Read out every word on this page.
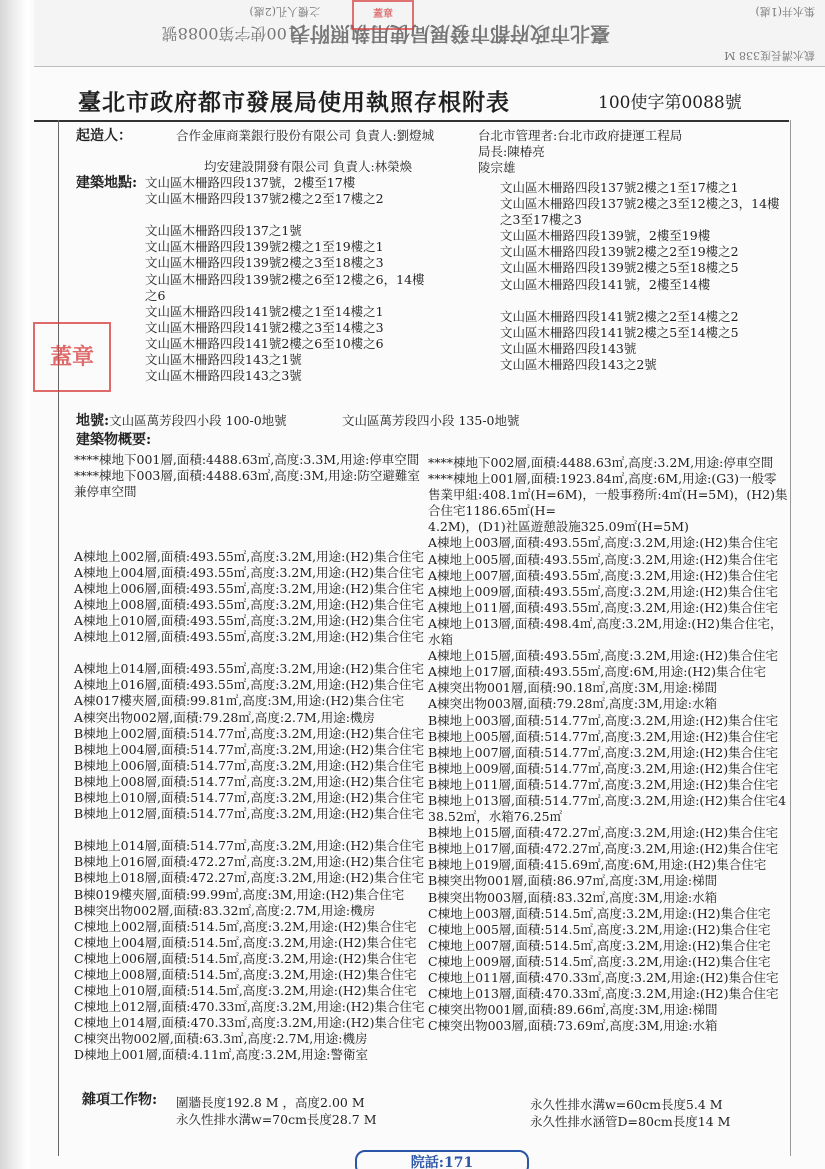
臺北市政府都市發展局使用執照附表
100使字第0088號
集水井(1處)
截水溝長度338 M
之樓人孔(2處)	蓋章
臺北市政府都市發展局使用執照存根附表	100使字第0088號
起造人：	合作金庫商業銀行股份有限公司 負責人:劉燈城
均安建設開發有限公司 負責人:林榮煥
台北市管理者:台北市政府捷運工程局
局長:陳椿亮
陵宗雄
建築地點: 文山區木柵路四段137號，2樓至17樓
文山區木柵路四段137號2樓之2至17樓之2
文山區木柵路四段137之1號
文山區木柵路四段139號2樓之1至19樓之1
文山區木柵路四段139號2樓之3至18樓之3
文山區木柵路四段139號2樓之6至12樓之6，14樓
之6
文山區木柵路四段141號2樓之1至14樓之1
文山區木柵路四段141號2樓之3至14樓之3
文山區木柵路四段141號2樓之6至10樓之6
文山區木柵路四段143之1號
文山區木柵路四段143之3號
文山區木柵路四段137號2樓之1至17樓之1
文山區木柵路四段137號2樓之3至12樓之3，14樓
之3至17樓之3
文山區木柵路四段139號，2樓至19樓
文山區木柵路四段139號2樓之2至19樓之2
文山區木柵路四段139號2樓之5至18樓之5
文山區木柵路四段141號，2樓至14樓
文山區木柵路四段141號2樓之2至14樓之2
文山區木柵路四段141號2樓之5至14樓之5
文山區木柵路四段143號
文山區木柵路四段143之2號
蓋章
地號:文山區萬芳段四小段 100-0地號	文山區萬芳段四小段 135-0地號
建築物概要:
****棟地下001層,面積:4488.63㎡,高度:3.3M,用途:停車空間
****棟地下003層,面積:4488.63㎡,高度:3M,用途:防空避難室
兼停車空間
A棟地上002層,面積:493.55㎡,高度:3.2M,用途:(H2)集合住宅
A棟地上004層,面積:493.55㎡,高度:3.2M,用途:(H2)集合住宅
A棟地上006層,面積:493.55㎡,高度:3.2M,用途:(H2)集合住宅
A棟地上008層,面積:493.55㎡,高度:3.2M,用途:(H2)集合住宅
A棟地上010層,面積:493.55㎡,高度:3.2M,用途:(H2)集合住宅
A棟地上012層,面積:493.55㎡,高度:3.2M,用途:(H2)集合住宅
A棟地上014層,面積:493.55㎡,高度:3.2M,用途:(H2)集合住宅
A棟地上016層,面積:493.55㎡,高度:3.2M,用途:(H2)集合住宅
A棟017樓夾層,面積:99.81㎡,高度:3M,用途:(H2)集合住宅
A棟突出物002層,面積:79.28㎡,高度:2.7M,用途:機房
B棟地上002層,面積:514.77㎡,高度:3.2M,用途:(H2)集合住宅
B棟地上004層,面積:514.77㎡,高度:3.2M,用途:(H2)集合住宅
B棟地上006層,面積:514.77㎡,高度:3.2M,用途:(H2)集合住宅
B棟地上008層,面積:514.77㎡,高度:3.2M,用途:(H2)集合住宅
B棟地上010層,面積:514.77㎡,高度:3.2M,用途:(H2)集合住宅
B棟地上012層,面積:514.77㎡,高度:3.2M,用途:(H2)集合住宅
B棟地上014層,面積:514.77㎡,高度:3.2M,用途:(H2)集合住宅
B棟地上016層,面積:472.27㎡,高度:3.2M,用途:(H2)集合住宅
B棟地上018層,面積:472.27㎡,高度:3.2M,用途:(H2)集合住宅
B棟019樓夾層,面積:99.99㎡,高度:3M,用途:(H2)集合住宅
B棟突出物002層,面積:83.32㎡,高度:2.7M,用途:機房
C棟地上002層,面積:514.5㎡,高度:3.2M,用途:(H2)集合住宅
C棟地上004層,面積:514.5㎡,高度:3.2M,用途:(H2)集合住宅
C棟地上006層,面積:514.5㎡,高度:3.2M,用途:(H2)集合住宅
C棟地上008層,面積:514.5㎡,高度:3.2M,用途:(H2)集合住宅
C棟地上010層,面積:514.5㎡,高度:3.2M,用途:(H2)集合住宅
C棟地上012層,面積:470.33㎡,高度:3.2M,用途:(H2)集合住宅
C棟地上014層,面積:470.33㎡,高度:3.2M,用途:(H2)集合住宅
C棟突出物002層,面積:63.3㎡,高度:2.7M,用途:機房
D棟地上001層,面積:4.11㎡,高度:3.2M,用途:警衛室
****棟地下002層,面積:4488.63㎡,高度:3.2M,用途:停車空間
****棟地上001層,面積:1923.84㎡,高度:6M,用途:(G3)一般零
售業甲組:408.1㎡(H=6M)，一般事務所:4㎡(H=5M)，(H2)集
合住宅1186.65㎡(H=
4.2M)，(D1)社區遊憩設施325.09㎡(H=5M)
A棟地上003層,面積:493.55㎡,高度:3.2M,用途:(H2)集合住宅
A棟地上005層,面積:493.55㎡,高度:3.2M,用途:(H2)集合住宅
A棟地上007層,面積:493.55㎡,高度:3.2M,用途:(H2)集合住宅
A棟地上009層,面積:493.55㎡,高度:3.2M,用途:(H2)集合住宅
A棟地上011層,面積:493.55㎡,高度:3.2M,用途:(H2)集合住宅
A棟地上013層,面積:498.4㎡,高度:3.2M,用途:(H2)集合住宅，
水箱
A棟地上015層,面積:493.55㎡,高度:3.2M,用途:(H2)集合住宅
A棟地上017層,面積:493.55㎡,高度:6M,用途:(H2)集合住宅
A棟突出物001層,面積:90.18㎡,高度:3M,用途:梯間
A棟突出物003層,面積:79.28㎡,高度:3M,用途:水箱
B棟地上003層,面積:514.77㎡,高度:3.2M,用途:(H2)集合住宅
B棟地上005層,面積:514.77㎡,高度:3.2M,用途:(H2)集合住宅
B棟地上007層,面積:514.77㎡,高度:3.2M,用途:(H2)集合住宅
B棟地上009層,面積:514.77㎡,高度:3.2M,用途:(H2)集合住宅
B棟地上011層,面積:514.77㎡,高度:3.2M,用途:(H2)集合住宅
B棟地上013層,面積:514.77㎡,高度:3.2M,用途:(H2)集合住宅4
38.52㎡，水箱76.25㎡
B棟地上015層,面積:472.27㎡,高度:3.2M,用途:(H2)集合住宅
B棟地上017層,面積:472.27㎡,高度:3.2M,用途:(H2)集合住宅
B棟地上019層,面積:415.69㎡,高度:6M,用途:(H2)集合住宅
B棟突出物001層,面積:86.97㎡,高度:3M,用途:梯間
B棟突出物003層,面積:83.32㎡,高度:3M,用途:水箱
C棟地上003層,面積:514.5㎡,高度:3.2M,用途:(H2)集合住宅
C棟地上005層,面積:514.5㎡,高度:3.2M,用途:(H2)集合住宅
C棟地上007層,面積:514.5㎡,高度:3.2M,用途:(H2)集合住宅
C棟地上009層,面積:514.5㎡,高度:3.2M,用途:(H2)集合住宅
C棟地上011層,面積:470.33㎡,高度:3.2M,用途:(H2)集合住宅
C棟地上013層,面積:470.33㎡,高度:3.2M,用途:(H2)集合住宅
C棟突出物001層,面積:89.66㎡,高度:3M,用途:梯間
C棟突出物003層,面積:73.69㎡,高度:3M,用途:水箱
雜項工作物: 圍牆長度192.8 M ，高度2.00 M
永久性排水溝w=70cm長度28.7 M
永久性排水溝w=60cm長度5.4 M
永久性排水涵管D=80cm長度14 M
院話:171
